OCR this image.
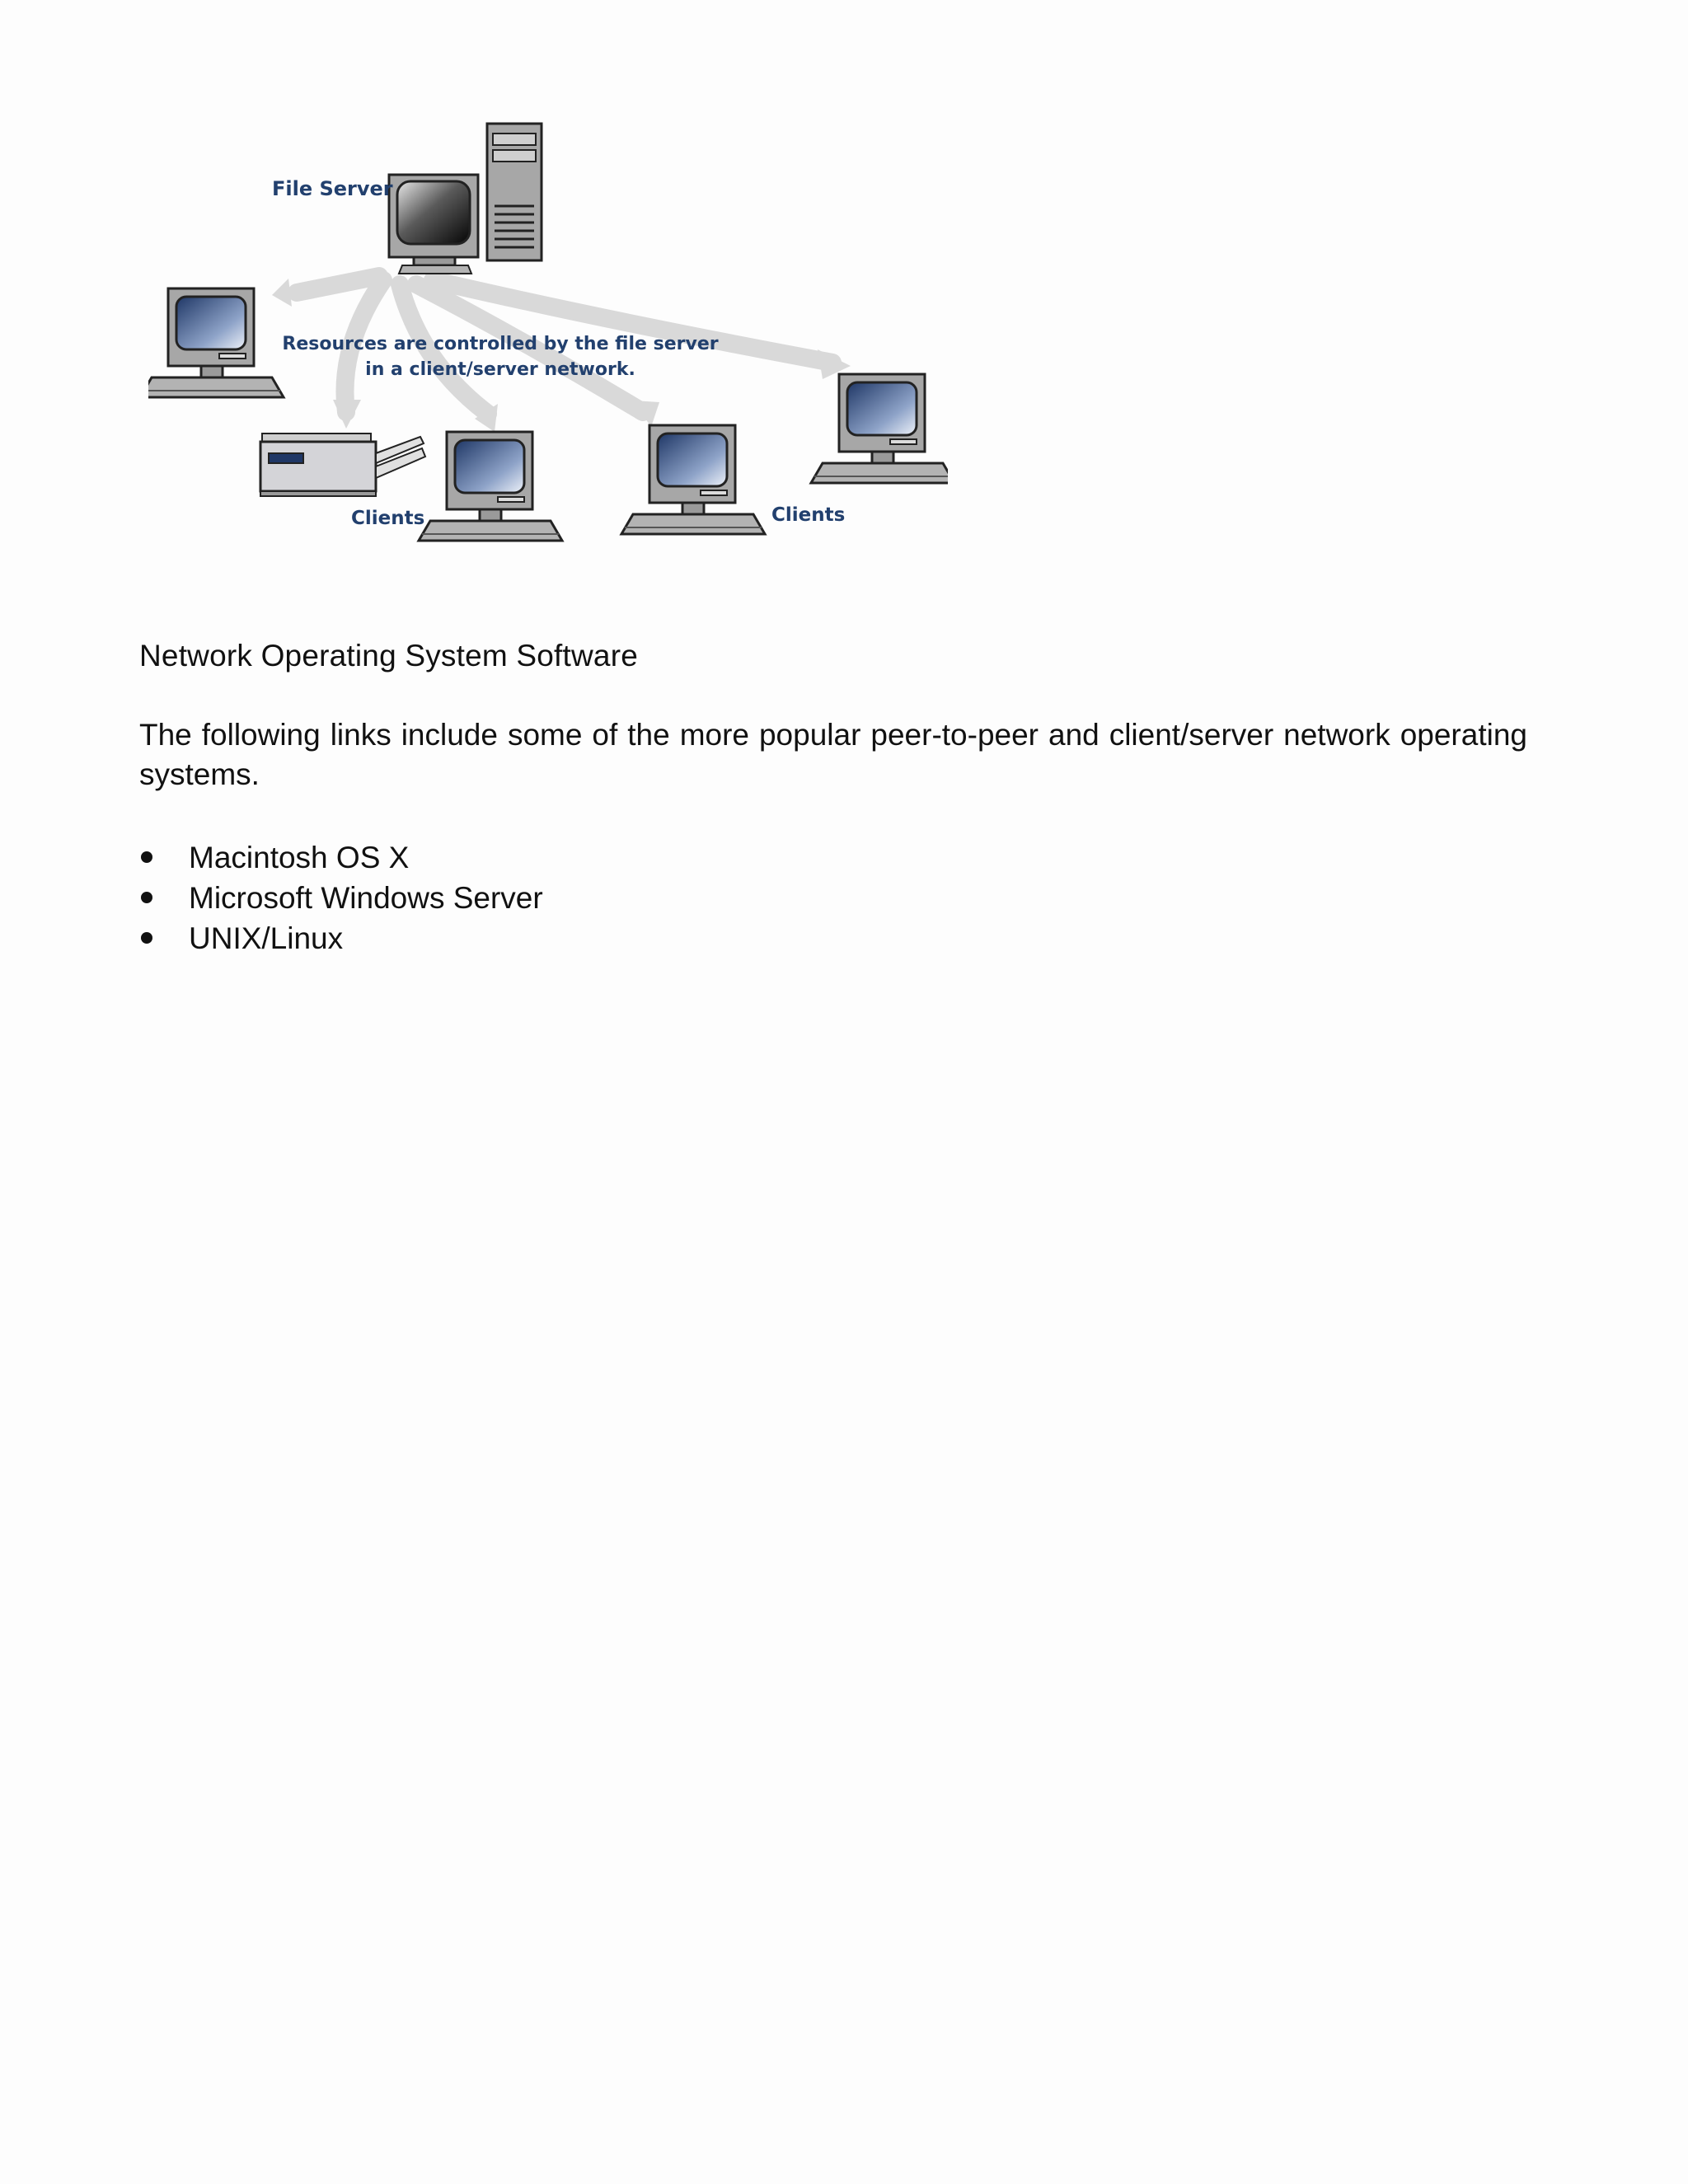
File Server
Resources are controlled by the file server
in a client/server network.
Clients	Clients
Network Operating System Software
The following links include some of the more popular peer-to-peer and client/server network operating systems.
Macintosh OS X
Microsoft Windows Server
UNIX/Linux
